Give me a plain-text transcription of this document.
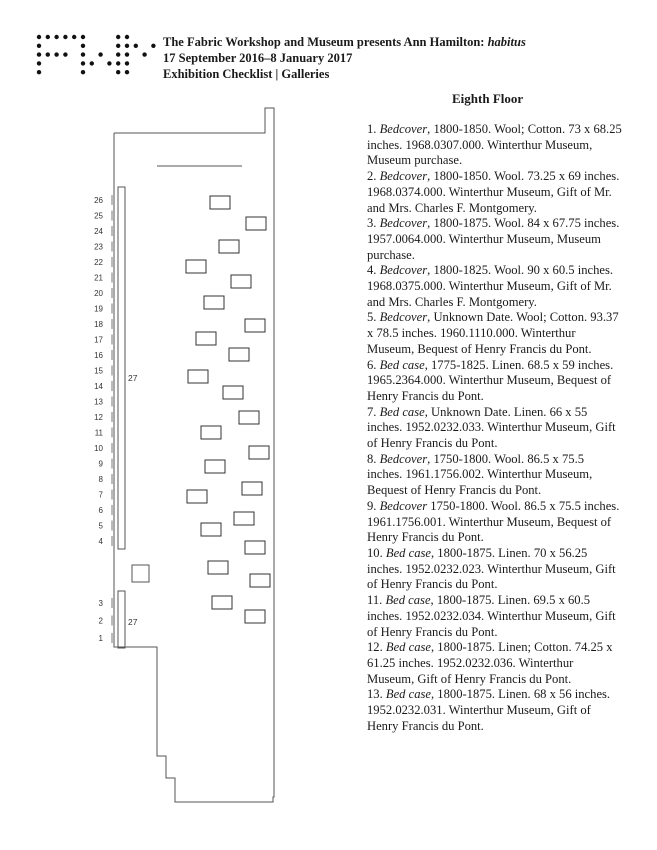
The Fabric Workshop and Museum presents Ann Hamilton: habitus
17 September 2016–8 January 2017
Exhibition Checklist | Galleries
Eighth Floor
26
25
24
23
22
21
20
19
18
17
16
15
14
13
12
11
10
9
8
7
6
5
4
3
2
1
27
27

1. Bedcover, 1800-1850. Wool; Cotton. 73 x 68.25 inches. 1968.0307.000. Winterthur Museum, Museum purchase.

2. Bedcover, 1800-1850. Wool. 73.25 x 69 inches. 1968.0374.000. Winterthur Museum, Gift of Mr. and Mrs. Charles F. Montgomery.

3. Bedcover, 1800-1875. Wool. 84 x 67.75 inches. 1957.0064.000. Winterthur Museum, Museum purchase.

4. Bedcover, 1800-1825. Wool. 90 x 60.5 inches. 1968.0375.000. Winterthur Museum, Gift of Mr. and Mrs. Charles F. Montgomery.

5. Bedcover, Unknown Date. Wool; Cotton. 93.37 x 78.5 inches. 1960.1110.000. Winterthur Museum, Bequest of Henry Francis du Pont.

6. Bed case, 1775-1825. Linen. 68.5 x 59 inches. 1965.2364.000. Winterthur Museum, Bequest of Henry Francis du Pont.

7. Bed case, Unknown Date. Linen. 66 x 55 inches. 1952.0232.033. Winterthur Museum, Gift of Henry Francis du Pont.

8. Bedcover, 1750-1800. Wool. 86.5 x 75.5 inches. 1961.1756.002. Winterthur Museum, Bequest of Henry Francis du Pont.

9. Bedcover 1750-1800. Wool. 86.5 x 75.5 inches. 1961.1756.001. Winterthur Museum, Bequest of Henry Francis du Pont.

10. Bed case, 1800-1875. Linen. 70 x 56.25 inches. 1952.0232.023. Winterthur Museum, Gift of Henry Francis du Pont.

11. Bed case, 1800-1875. Linen. 69.5 x 60.5 inches. 1952.0232.034. Winterthur Museum, Gift of Henry Francis du Pont.

12. Bed case, 1800-1875. Linen; Cotton. 74.25 x 61.25 inches. 1952.0232.036. Winterthur Museum, Gift of Henry Francis du Pont.

13. Bed case, 1800-1875. Linen. 68 x 56 inches. 1952.0232.031. Winterthur Museum, Gift of Henry Francis du Pont.
